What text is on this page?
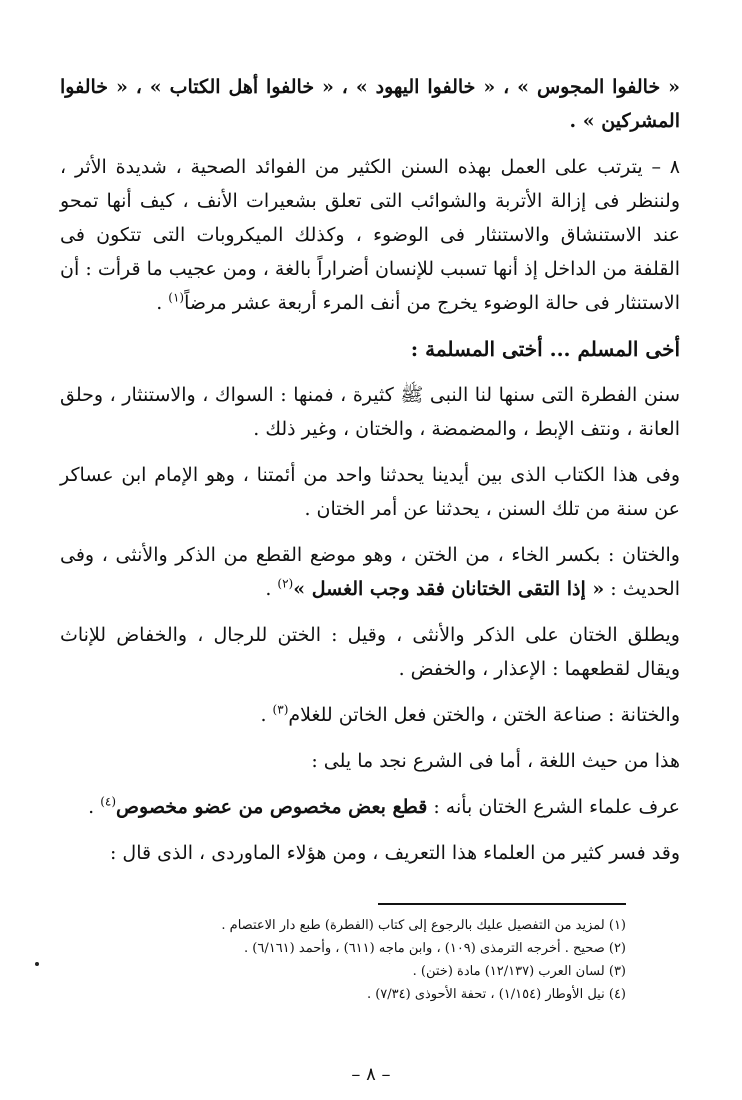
« خالفوا المجوس » ، « خالفوا اليهود » ، « خالفوا أهل الكتاب » ، « خالفوا المشركين » .

٨ – يترتب على العمل بهذه السنن الكثير من الفوائد الصحية ، شديدة الأثر ، ولننظر فى إزالة الأتربة والشوائب التى تعلق بشعيرات الأنف ، كيف أنها تمحو عند الاستنشاق والاستنثار فى الوضوء ، وكذلك الميكروبات التى تتكون فى القلفة من الداخل إذ أنها تسبب للإنسان أضراراً بالغة ، ومن عجيب ما قرأت : أن الاستنثار فى حالة الوضوء يخرج من أنف المرء أربعة عشر مرضاً$^{(١)}$ .

أخى المسلم ... أختى المسلمة :

سنن الفطرة التى سنها لنا النبى ﷺ كثيرة ، فمنها : السواك ، والاستنثار ، وحلق العانة ، ونتف الإبط ، والمضمضة ، والختان ، وغير ذلك .

وفى هذا الكتاب الذى بين أيدينا يحدثنا واحد من أئمتنا ، وهو الإمام ابن عساكر عن سنة من تلك السنن ، يحدثنا عن أمر الختان .

والختان : بكسر الخاء ، من الختن ، وهو موضع القطع من الذكر والأنثى ، وفى الحديث : « إذا التقى الختانان فقد وجب الغسل »$^{(٢)}$ .

ويطلق الختان على الذكر والأنثى ، وقيل : الختن للرجال ، والخفاض للإناث ويقال لقطعهما : الإعذار ، والخفض .

والختانة : صناعة الختن ، والختن فعل الخاتن للغلام$^{(٣)}$ .

هذا من حيث اللغة ، أما فى الشرع نجد ما يلى :

عرف علماء الشرع الختان بأنه : قطع بعض مخصوص من عضو مخصوص$^{(٤)}$ .

وقد فسر كثير من العلماء هذا التعريف ، ومن هؤلاء الماوردى ، الذى قال :

(١) لمزيد من التفصيل عليك بالرجوع إلى كتاب (الفطرة) طبع دار الاعتصام .

(٢) صحيح . أخرجه الترمذى (١٠٩) ، وابن ماجه (٦١١) ، وأحمد (٦/١٦١) .

(٣) لسان العرب (١٢/١٣٧) مادة (ختن) .

(٤) نيل الأوطار (١/١٥٤) ، تحفة الأحوذى (٧/٣٤) .

– ٨ –
